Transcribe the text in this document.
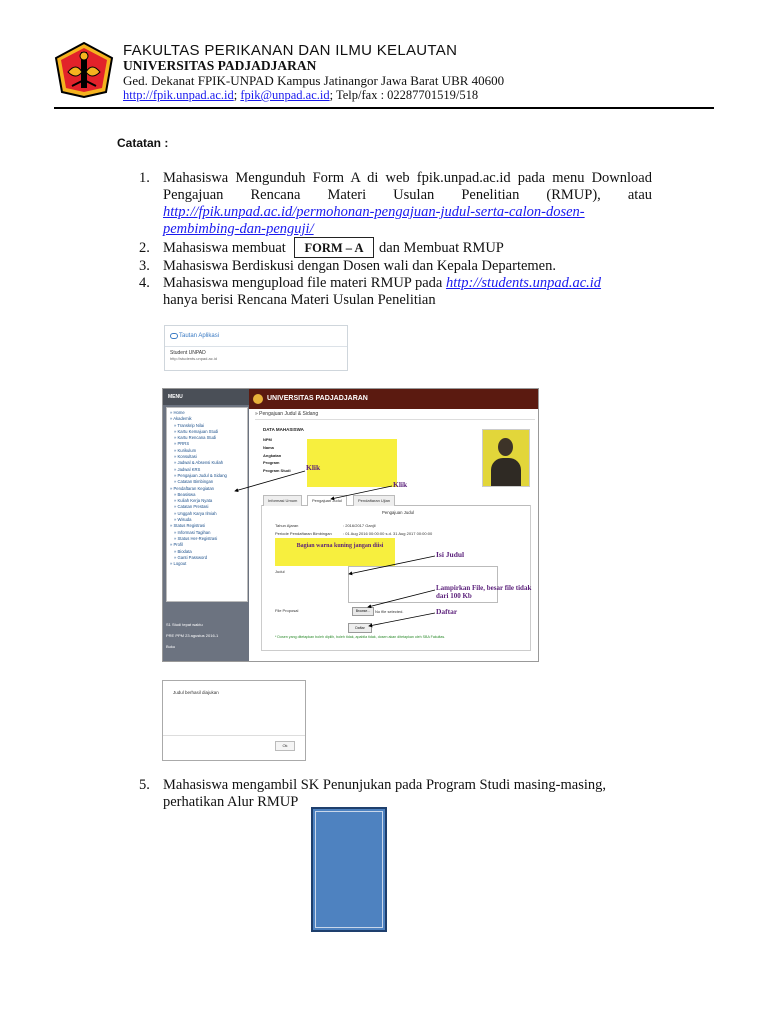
FAKULTAS PERIKANAN DAN ILMU KELAUTAN
UNIVERSITAS PADJADJARAN
Ged. Dekanat FPIK-UNPAD Kampus Jatinangor Jawa Barat UBR 40600
http://fpik.unpad.ac.id; fpik@unpad.ac.id; Telp/fax : 02287701519/518
Catatan :
1. Mahasiswa Mengunduh Form A di web fpik.unpad.ac.id pada menu Download
Pengajuan Rencana Materi Usulan Penelitian (RMUP), atau
http://fpik.unpad.ac.id/permohonan-pengajuan-judul-serta-calon-dosen-
pembimbing-dan-penguji/
2. Mahasiswa membuat	FORM – A	dan Membuat RMUP
3. Mahasiswa Berdiskusi dengan Dosen wali dan Kepala Departemen.
4. Mahasiswa mengupload file materi RMUP pada http://students.unpad.ac.id
hanya berisi Rencana Materi Usulan Penelitian
Tautan Aplikasi
Student UNPAD
http://students.unpad.ac.id
MENU
» Home
» Akademik
» Transkrip Nilai
» Kartu Kemajuan Studi
» Kartu Rencana Studi
» PRRS
» Kurikulum
» Konsultasi
» Jadwal & Absensi Kuliah
» Jadwal KRS
» Pengajuan Judul & Sidang
» Catatan Bimbingan
» Pendaftaran Kegiatan
» Beasiswa
» Kuliah Kerja Nyata
» Catatan Prestasi
» Unggah Karya Ilmiah
» Wisuda
» Status Registrasi
» Informasi Tagihan
» Status Her-Registrasi
» Profil
» Biodata
» Ganti Password
» Logout
S1 Studi tepat waktu
PRE PPM 23 agustus 2016-1
Buku
UNIVERSITAS PADJADJARAN
» Pengajuan Judul & Sidang
DATA MAHASISWA
NPM
Nama
Angkatan
Program
Program Studi
Informasi Umum	Pengajuan Judul	Pendaftaran Ujian
Pengajuan Judul
Tahun Ajaran	: 2016/2017 Ganjil
Periode Pendaftaran Bimbingan	: 01 Aug 2016 00:00:00 s.d. 31 Aug 2017 00:00:00
Judul
File Proposal	Browse...	No file selected.
Daftar
* Dosen yang ditetapkan boleh dipilih, boleh tidak, apabila tidak, dosen akan ditetapkan oleh SBA Fakultas.
Klik
Klik
Bagian warna kuning jangan diisi
Isi Judul
Lampirkan File, besar file tidak dari 100 Kb
Daftar
Judul berhasil diajukan
Ok
5. Mahasiswa mengambil SK Penunjukan pada Program Studi masing-masing,
perhatikan Alur RMUP
